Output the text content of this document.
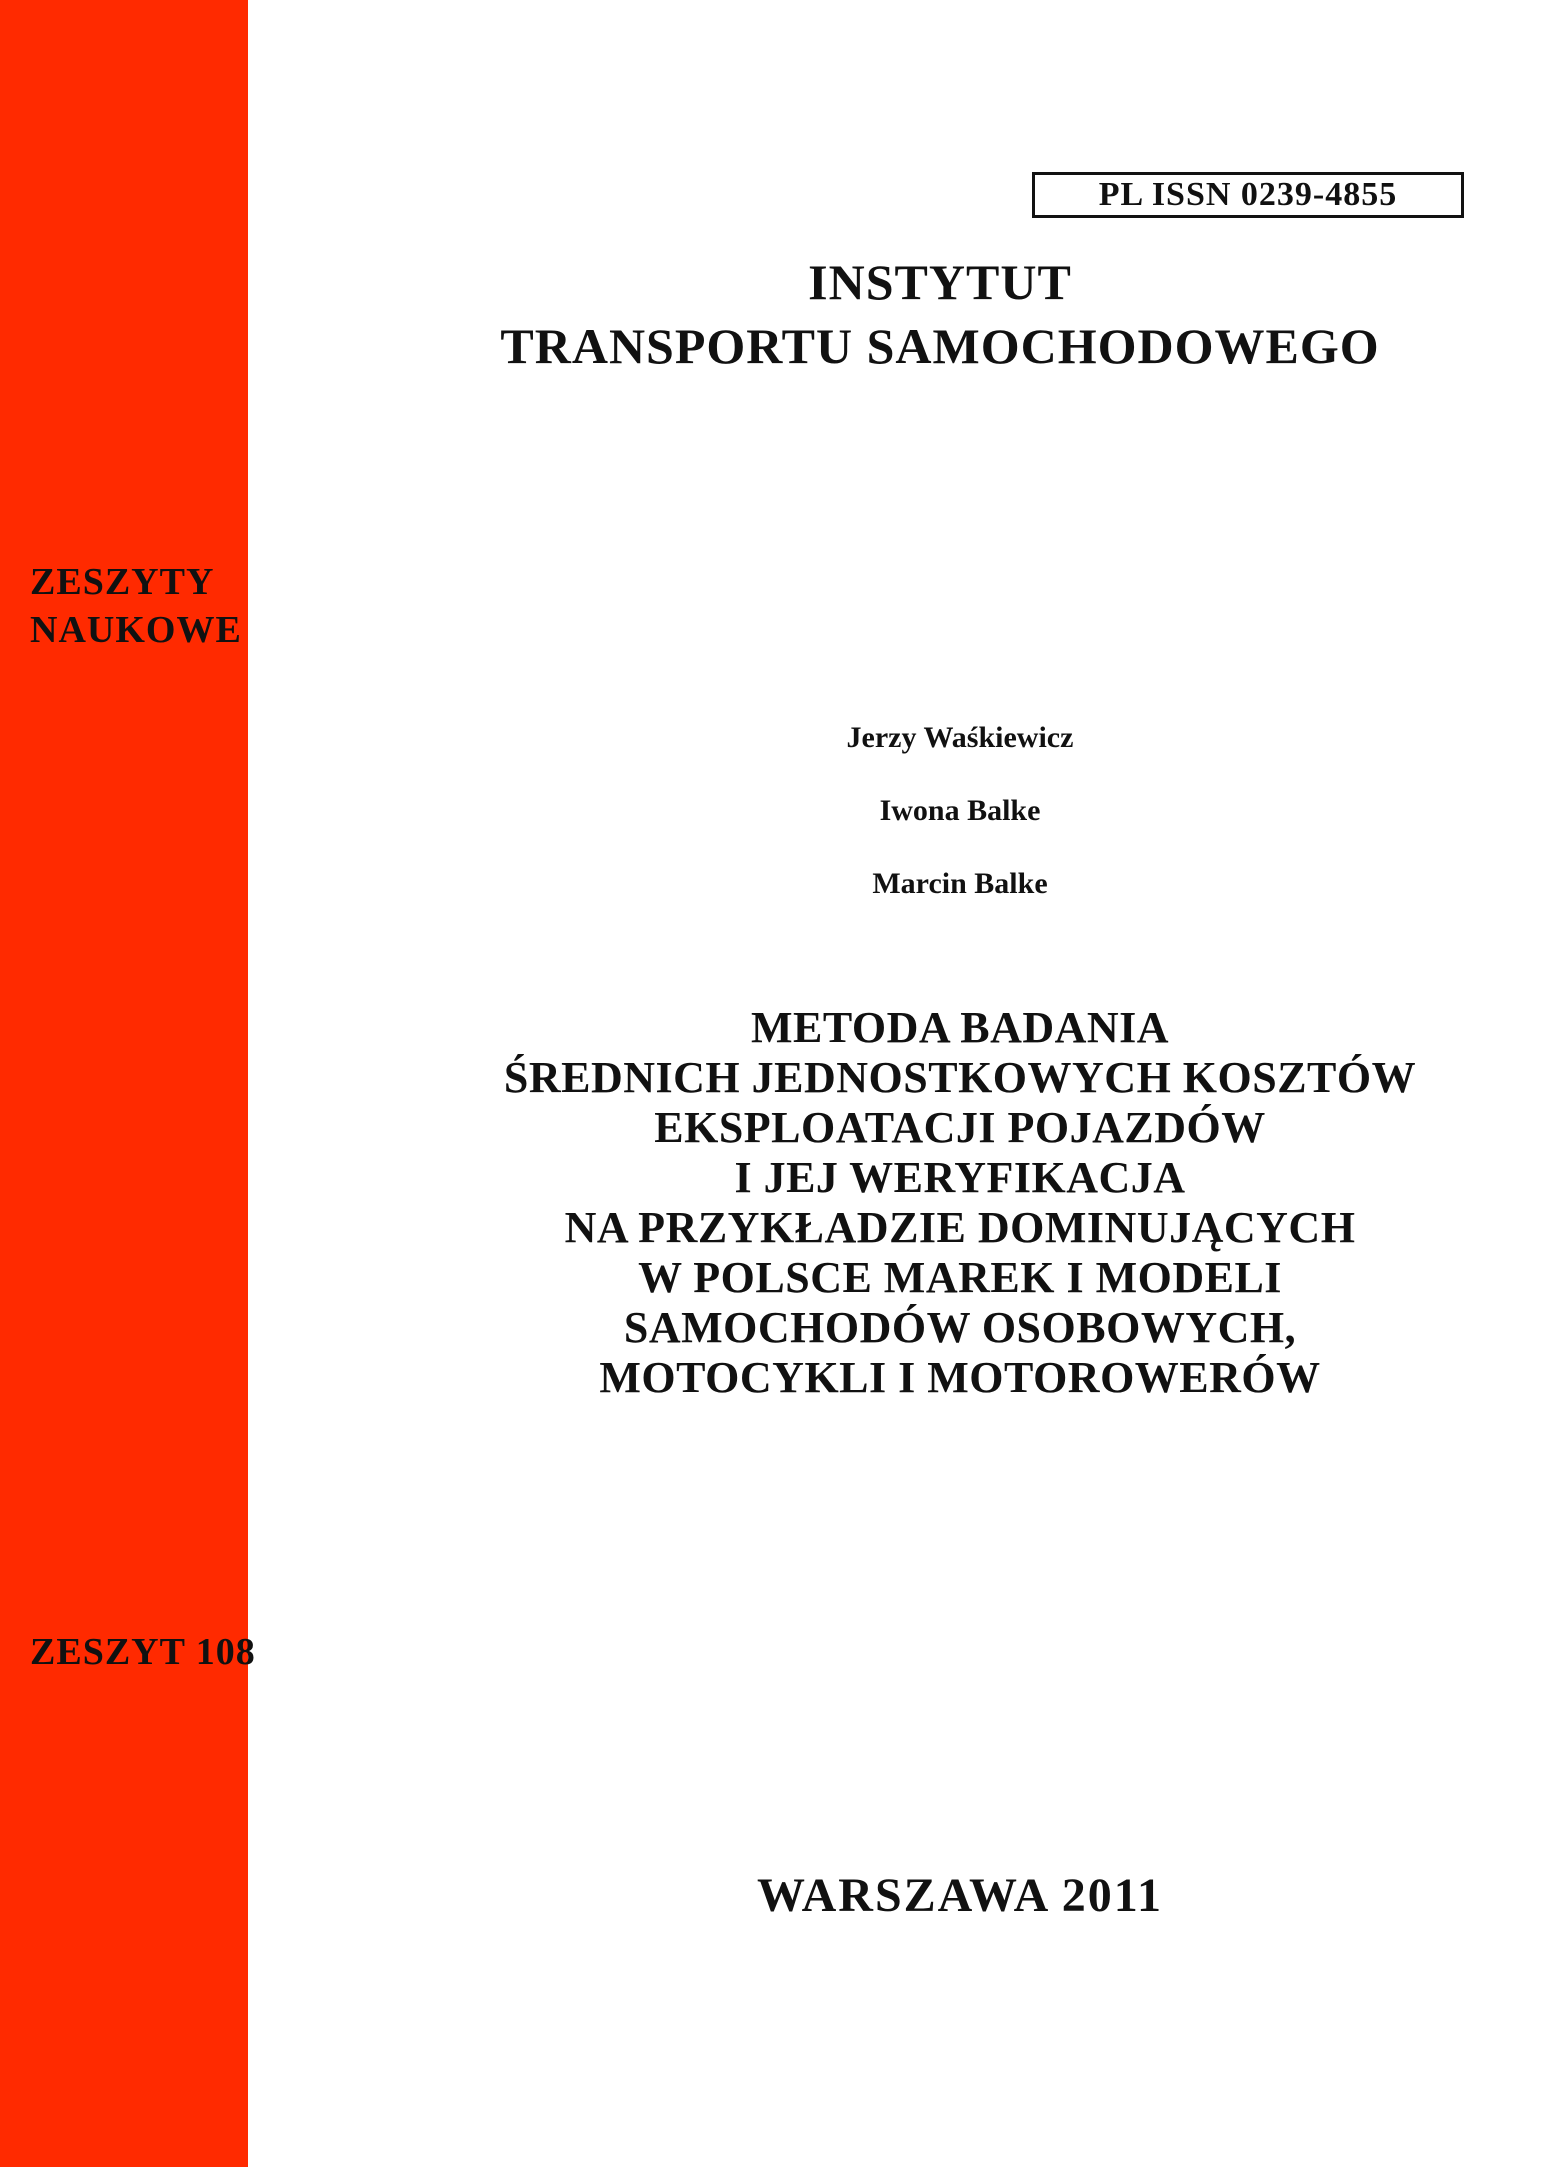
ZESZYTY
NAUKOWE
ZESZYT 108
PL ISSN 0239-4855
INSTYTUT
TRANSPORTU SAMOCHODOWEGO
Jerzy Waśkiewicz
Iwona Balke
Marcin Balke
METODA BADANIA
ŚREDNICH JEDNOSTKOWYCH KOSZTÓW
EKSPLOATACJI POJAZDÓW
I JEJ WERYFIKACJA
NA PRZYKŁADZIE DOMINUJĄCYCH
W POLSCE MAREK I MODELI
SAMOCHODÓW OSOBOWYCH,
MOTOCYKLI I MOTOROWERÓW
WARSZAWA 2011
